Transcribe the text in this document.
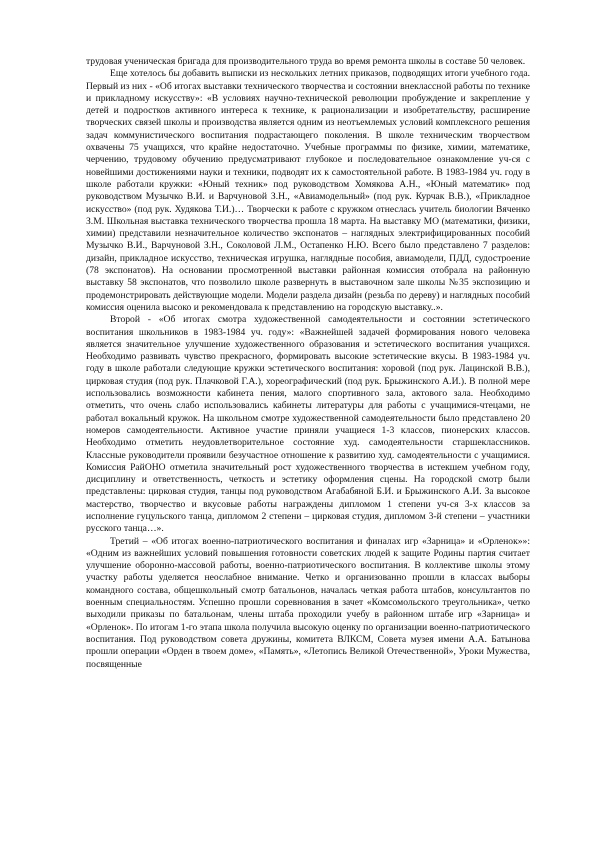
трудовая ученическая бригада для производительного труда во время ремонта школы в составе 50 человек.

Еще хотелось бы добавить выписки из нескольких летних приказов, подводящих итоги учебного года. Первый из них - «Об итогах выставки технического творчества и состоянии внеклассной работы по технике и прикладному искусству»: «В условиях научно-технической революции пробуждение и закрепление у детей и подростков активного интереса к технике, к рационализации и изобретательству, расширение творческих связей школы и производства является одним из неотъемлемых условий комплексного решения задач коммунистического воспитания подрастающего поколения. В школе техническим творчеством охвачены 75 учащихся, что крайне недостаточно. Учебные программы по физике, химии, математике, черчению, трудовому обучению предусматривают глубокое и последовательное ознакомление уч-ся с новейшими достижениями науки и техники, подводят их к самостоятельной работе. В 1983-1984 уч. году в школе работали кружки: «Юный техник» под руководством Хомякова А.Н., «Юный математик» под руководством Музычко В.И. и Варчуновой З.Н., «Авиамодельный» (под рук. Курчак В.В.), «Прикладное искусство» (под рук. Худякова Т.И.)… Творчески к работе с кружком отнеслась учитель биологии Вяченко З.М. Школьная выставка технического творчества прошла 18 марта. На выставку МО (математики, физики, химии) представили незначительное количество экспонатов – наглядных электрифицированных пособий Музычко В.И., Варчуновой З.Н., Соколовой Л.М., Остапенко Н.Ю. Всего было представлено 7 разделов: дизайн, прикладное искусство, техническая игрушка, наглядные пособия, авиамодели, ПДД, судостроение (78 экспонатов). На основании просмотренной выставки районная комиссия отобрала на районную выставку 58 экспонатов, что позволило школе развернуть в выставочном зале школы №35 экспозицию и продемонстрировать действующие модели. Модели раздела дизайн (резьба по дереву) и наглядных пособий комиссия оценила высоко и рекомендовала к представлению на городскую выставку..».

Второй - «Об итогах смотра художественной самодеятельности и состоянии эстетического воспитания школьников в 1983-1984 уч. году»: «Важнейшей задачей формирования нового человека является значительное улучшение художественного образования и эстетического воспитания учащихся. Необходимо развивать чувство прекрасного, формировать высокие эстетические вкусы. В 1983-1984 уч. году в школе работали следующие кружки эстетического воспитания: хоровой (под рук. Лацинской В.В.), цирковая студия (под рук. Плачковой Г.А.), хореографический (под рук. Брыжинского А.И.). В полной мере использовались возможности кабинета пения, малого спортивного зала, актового зала. Необходимо отметить, что очень слабо использовались кабинеты литературы для работы с учащимися-чтецами, не работал вокальный кружок. На школьном смотре художественной самодеятельности было представлено 20 номеров самодеятельности. Активное участие приняли учащиеся 1-3 классов, пионерских классов. Необходимо отметить неудовлетворительное состояние худ. самодеятельности старшеклассников. Классные руководители проявили безучастное отношение к развитию худ. самодеятельности с учащимися. Комиссия РайОНО отметила значительный рост художественного творчества в истекшем учебном году, дисциплину и ответственность, четкость и эстетику оформления сцены. На городской смотр были представлены: цирковая студия, танцы под руководством Агабабяной Б.И. и Брыжинского А.И. За высокое мастерство, творчество и вкусовые работы награждены дипломом 1 степени уч-ся 3-х классов за исполнение гуцульского танца, дипломом 2 степени – цирковая студия, дипломом 3-й степени – участники русского танца…».

Третий – «Об итогах военно-патриотического воспитания и финалах игр «Зарница» и «Орленок»»: «Одним из важнейших условий повышения готовности советских людей к защите Родины партия считает улучшение оборонно-массовой работы, военно-патриотического воспитания. В коллективе школы этому участку работы уделяется неослабное внимание. Четко и организованно прошли в классах выборы командного состава, общешкольный смотр батальонов, началась четкая работа штабов, консультантов по военным специальностям. Успешно прошли соревнования в зачет «Комсомольского треугольника», четко выходили приказы по батальонам, члены штаба проходили учебу в районном штабе игр «Зарница» и «Орленок». По итогам 1-го этапа школа получила высокую оценку по организации военно-патриотического воспитания. Под руководством совета дружины, комитета ВЛКСМ, Совета музея имени А.А. Батынова прошли операции «Орден в твоем доме», «Память», «Летопись Великой Отечественной», Уроки Мужества, посвященные
